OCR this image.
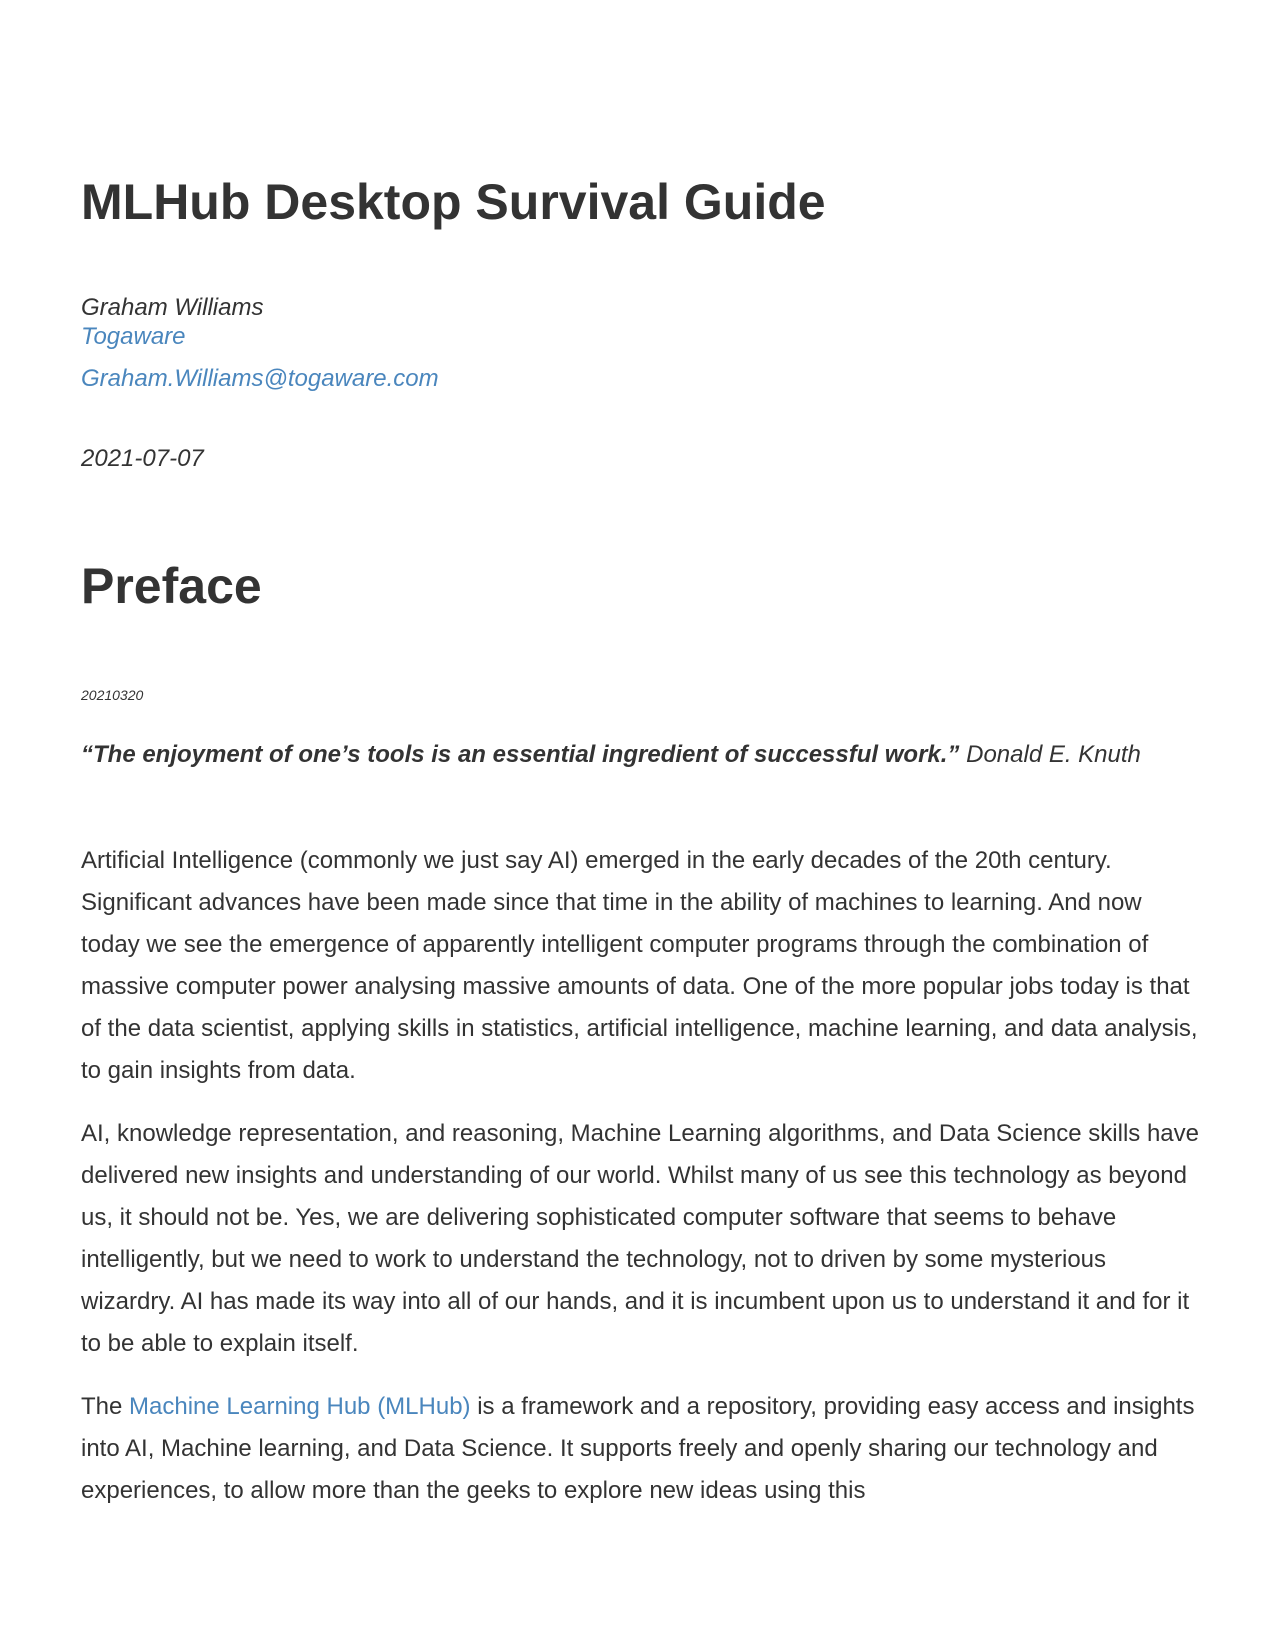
MLHub Desktop Survival Guide
Graham Williams
Togaware
Graham.Williams@togaware.com
2021-07-07
Preface
20210320

“The enjoyment of one’s tools is an essential ingredient of successful work.” Donald E. Knuth

Artificial Intelligence (commonly we just say AI) emerged in the early decades of the 20th century. Significant advances have been made since that time in the ability of machines to learning. And now today we see the emergence of apparently intelligent computer programs through the combination of massive computer power analysing massive amounts of data. One of the more popular jobs today is that of the data scientist, applying skills in statistics, artificial intelligence, machine learning, and data analysis, to gain insights from data.

AI, knowledge representation, and reasoning, Machine Learning algorithms, and Data Science skills have delivered new insights and understanding of our world. Whilst many of us see this technology as beyond us, it should not be. Yes, we are delivering sophisticated computer software that seems to behave intelligently, but we need to work to understand the technology, not to driven by some mysterious wizardry. AI has made its way into all of our hands, and it is incumbent upon us to understand it and for it to be able to explain itself.

The Machine Learning Hub (MLHub) is a framework and a repository, providing easy access and insights into AI, Machine learning, and Data Science. It supports freely and openly sharing our technology and experiences, to allow more than the geeks to explore new ideas using this
